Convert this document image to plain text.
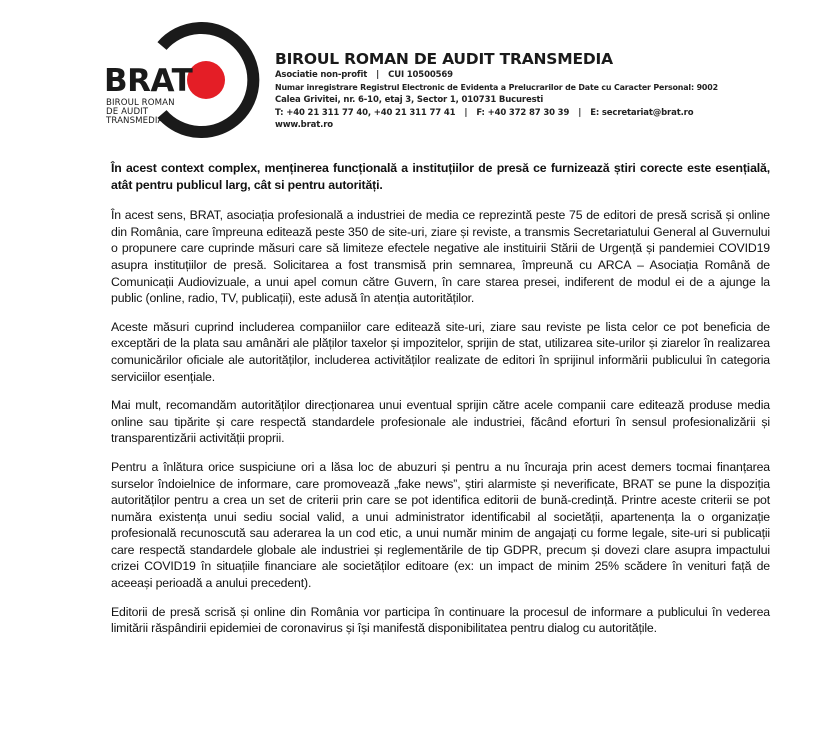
BRAT
BIROUL ROMAN
DE AUDIT
TRANSMEDIA
BIROUL ROMAN DE AUDIT TRANSMEDIA
Asociatie non-profit | CUI 10500569
Numar inregistrare Registrul Electronic de Evidenta a Prelucrarilor de Date cu Caracter Personal: 9002
Calea Grivitei, nr. 6-10, etaj 3, Sector 1, 010731 Bucuresti
T: +40 21 311 77 40, +40 21 311 77 41 | F: +40 372 87 30 39 | E: secretariat@brat.ro
www.brat.ro

În acest context complex, menținerea funcțională a instituțiilor de presă ce furnizează știri corecte este esențială, atât pentru publicul larg, cât si pentru autorități.

În acest sens, BRAT, asociația profesională a industriei de media ce reprezintă peste 75 de editori de presă scrisă și online din România, care împreuna editează peste 350 de site-uri, ziare și reviste, a transmis Secretariatului General al Guvernului o propunere care cuprinde măsuri care să limiteze efectele negative ale instituirii Stării de Urgență și pandemiei COVID19 asupra instituțiilor de presă. Solicitarea a fost transmisă prin semnarea, împreună cu ARCA – Asociația Română de Comunicații Audiovizuale, a unui apel comun către Guvern, în care starea presei, indiferent de modul ei de a ajunge la public (online, radio, TV, publicații), este adusă în atenția autorităților.

Aceste măsuri cuprind includerea companiilor care editează site-uri, ziare sau reviste pe lista celor ce pot beneficia de exceptări de la plata sau amânări ale plăților taxelor și impozitelor, sprijin de stat, utilizarea site-urilor și ziarelor în realizarea comunicărilor oficiale ale autorităților, includerea activităților realizate de editori în sprijinul informării publicului în categoria serviciilor esențiale.

Mai mult, recomandăm autorităților direcționarea unui eventual sprijin către acele companii care editează produse media online sau tipărite și care respectă standardele profesionale ale industriei, făcând eforturi în sensul profesionalizării și transparentizării activității proprii.

Pentru a înlătura orice suspiciune ori a lăsa loc de abuzuri și pentru a nu încuraja prin acest demers tocmai finanțarea surselor îndoielnice de informare, care promovează „fake news”, știri alarmiste și neverificate, BRAT se pune la dispoziția autorităților pentru a crea un set de criterii prin care se pot identifica editorii de bună-credință. Printre aceste criterii se pot număra existența unui sediu social valid, a unui administrator identificabil al societății, apartenența la o organizație profesională recunoscută sau aderarea la un cod etic, a unui număr minim de angajați cu forme legale, site-uri si publicații care respectă standardele globale ale industriei și reglementările de tip GDPR, precum și dovezi clare asupra impactului crizei COVID19 în situațiile financiare ale societăților editoare (ex: un impact de minim 25% scădere în venituri față de aceeași perioadă a anului precedent).

Editorii de presă scrisă și online din România vor participa în continuare la procesul de informare a publicului în vederea limitării răspândirii epidemiei de coronavirus și își manifestă disponibilitatea pentru dialog cu autoritățile.
